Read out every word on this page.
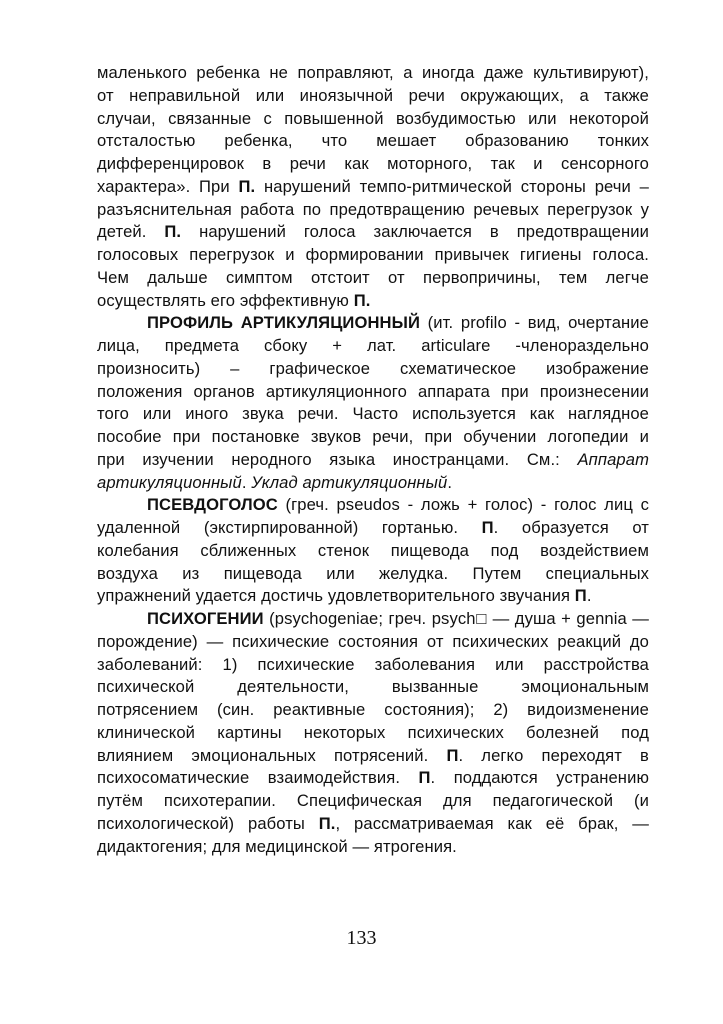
маленького ребенка не поправляют, а иногда даже культивируют),
от неправильной или иноязычной речи окружающих, а также
случаи, связанные с повышенной возбудимостью или некоторой
отсталостью ребенка, что мешает образованию тонких
дифференцировок в речи как моторного, так и сенсорного
характера». При П. нарушений темпо-ритмической стороны речи –
разъяснительная работа по предотвращению речевых перегрузок у
детей. П. нарушений голоса заключается в предотвращении
голосовых перегрузок и формировании привычек гигиены голоса.
Чем дальше симптом отстоит от первопричины, тем легче
осуществлять его эффективную П.
ПРОФИЛЬ АРТИКУЛЯЦИОННЫЙ (ит. profilo - вид, очертание
лица, предмета сбоку + лат. articulare -членораздельно
произносить) – графическое схематическое изображение
положения органов артикуляционного аппарата при произнесении
того или иного звука речи. Часто используется как наглядное
пособие при постановке звуков речи, при обучении логопедии и
при изучении неродного языка иностранцами. См.: Аппарат
артикуляционный. Уклад артикуляционный.
ПСЕВДОГОЛОС (греч. pseudos - ложь + голос) - голос лиц с
удаленной (экстирпированной) гортанью. П. образуется от
колебания сближенных стенок пищевода под воздействием
воздуха из пищевода или желудка. Путем специальных
упражнений удается достичь удовлетворительного звучания П.
ПСИХОГЕНИИ (psychogeniae; греч. psych□ — душа + gennia —
порождение) — психические состояния от психических реакций до
заболеваний: 1) психические заболевания или расстройства
психической деятельности, вызванные эмоциональным
потрясением (син. реактивные состояния); 2) видоизменение
клинической картины некоторых психических болезней под
влиянием эмоциональных потрясений. П. легко переходят в
психосоматические взаимодействия. П. поддаются устранению
путём психотерапии. Специфическая для педагогической (и
психологической) работы П., рассматриваемая как её брак, —
дидактогения; для медицинской — ятрогения.
133
